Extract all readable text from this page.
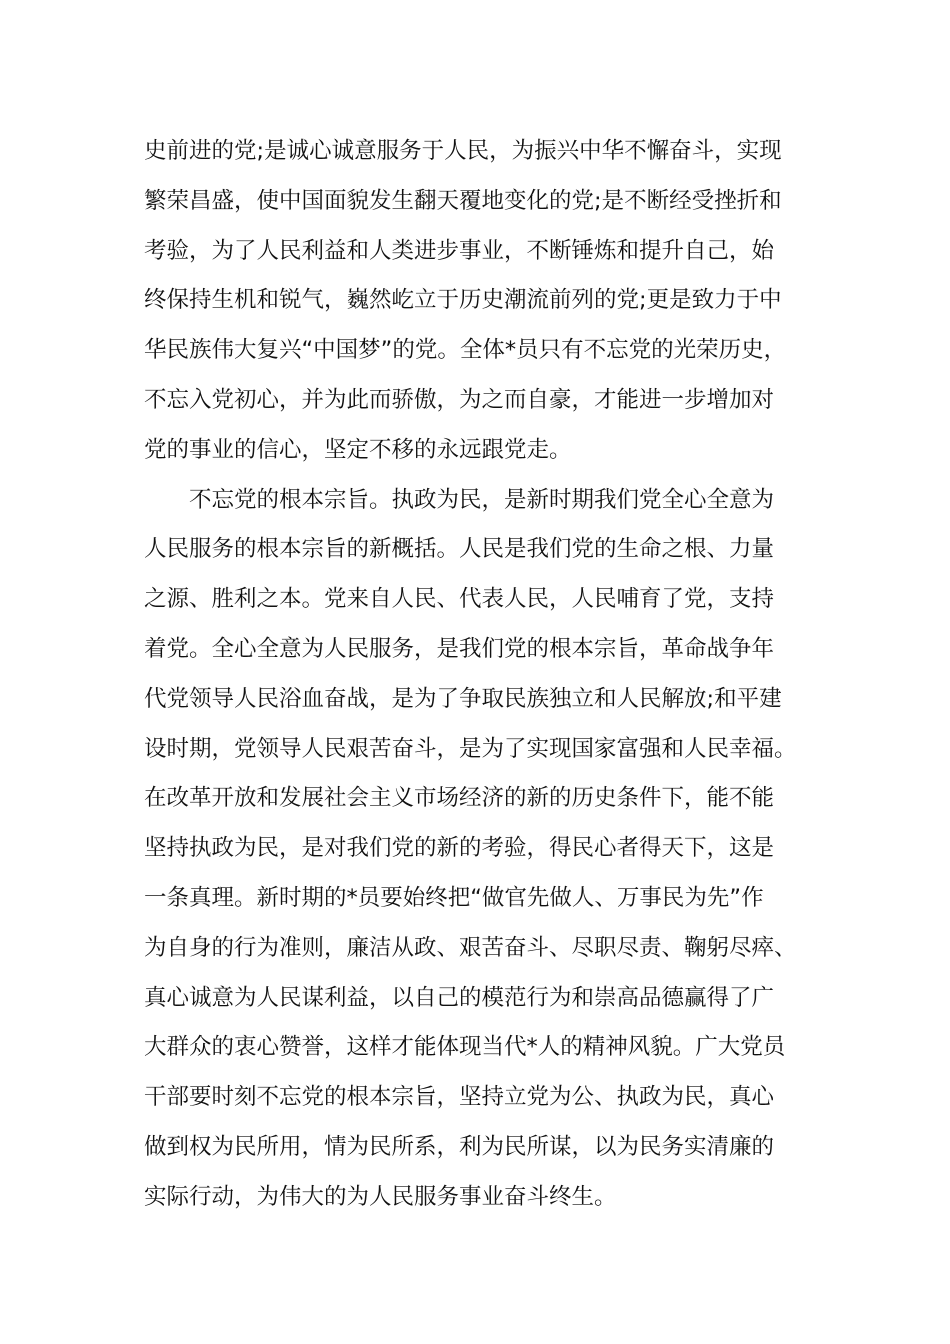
史前进的党;是诚心诚意服务于人民，为振兴中华不懈奋斗，实现
繁荣昌盛，使中国面貌发生翻天覆地变化的党;是不断经受挫折和
考验，为了人民利益和人类进步事业，不断锤炼和提升自己，始
终保持生机和锐气，巍然屹立于历史潮流前列的党;更是致力于中
华民族伟大复兴“中国梦”的党。全体*员只有不忘党的光荣历史，
不忘入党初心，并为此而骄傲，为之而自豪，才能进一步增加对
党的事业的信心，坚定不移的永远跟党走。
　　不忘党的根本宗旨。执政为民，是新时期我们党全心全意为
人民服务的根本宗旨的新概括。人民是我们党的生命之根、力量
之源、胜利之本。党来自人民、代表人民，人民哺育了党，支持
着党。全心全意为人民服务，是我们党的根本宗旨，革命战争年
代党领导人民浴血奋战，是为了争取民族独立和人民解放;和平建
设时期，党领导人民艰苦奋斗，是为了实现国家富强和人民幸福。
在改革开放和发展社会主义市场经济的新的历史条件下，能不能
坚持执政为民，是对我们党的新的考验，得民心者得天下，这是
一条真理。新时期的*员要始终把“做官先做人、万事民为先”作
为自身的行为准则，廉洁从政、艰苦奋斗、尽职尽责、鞠躬尽瘁、
真心诚意为人民谋利益，以自己的模范行为和崇高品德赢得了广
大群众的衷心赞誉，这样才能体现当代*人的精神风貌。广大党员
干部要时刻不忘党的根本宗旨，坚持立党为公、执政为民，真心
做到权为民所用，情为民所系，利为民所谋，以为民务实清廉的
实际行动，为伟大的为人民服务事业奋斗终生。
